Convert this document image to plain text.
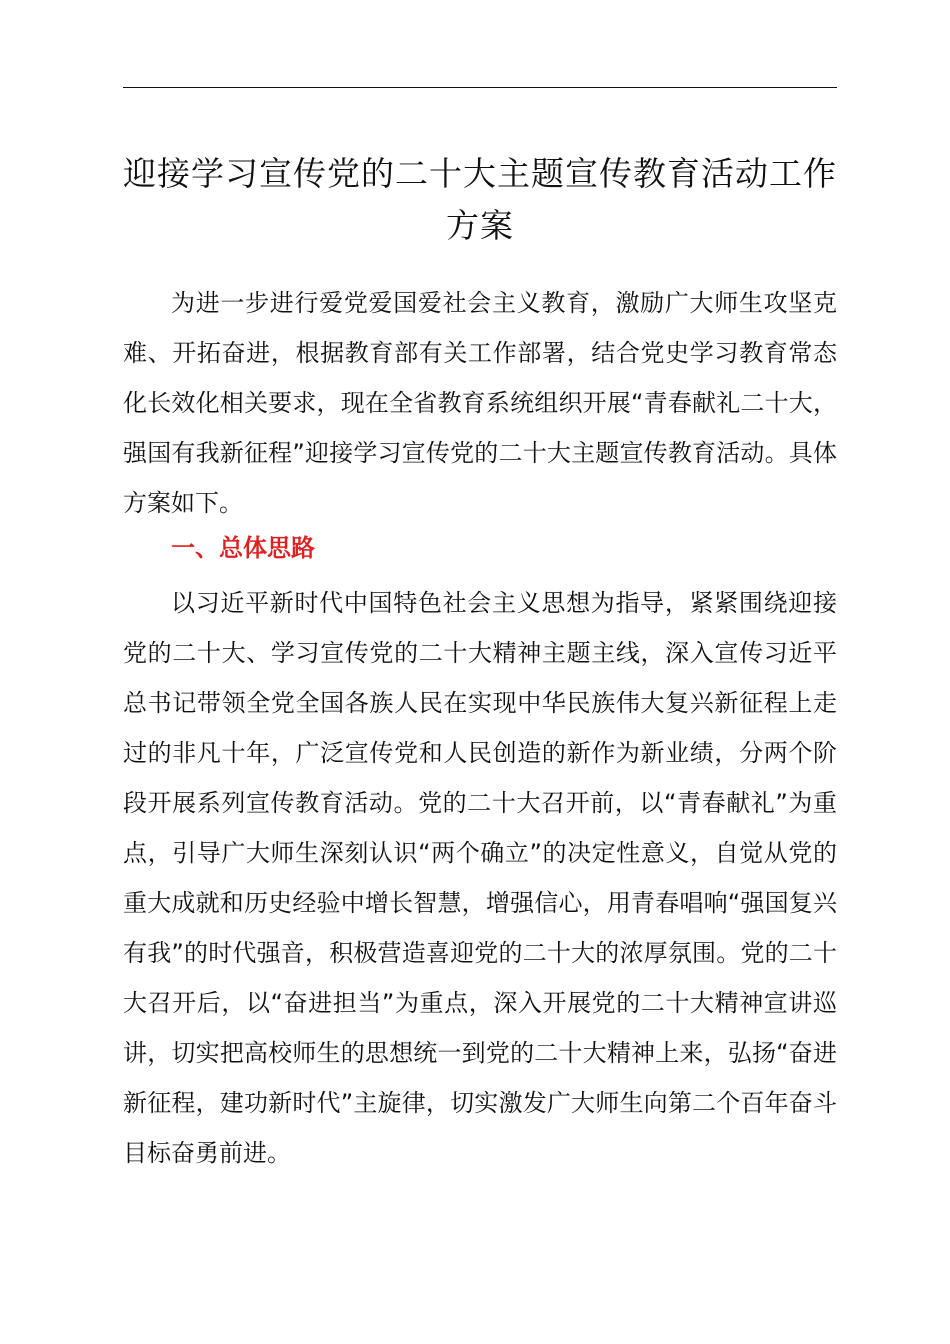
迎接学习宣传党的二十大主题宣传教育活动工作方案

为进一步进行爱党爱国爱社会主义教育，激励广大师生攻坚克难、开拓奋进，根据教育部有关工作部署，结合党史学习教育常态化长效化相关要求，现在全省教育系统组织开展“青春献礼二十大，强国有我新征程”迎接学习宣传党的二十大主题宣传教育活动。具体方案如下。

一、总体思路

以习近平新时代中国特色社会主义思想为指导，紧紧围绕迎接党的二十大、学习宣传党的二十大精神主题主线，深入宣传习近平总书记带领全党全国各族人民在实现中华民族伟大复兴新征程上走过的非凡十年，广泛宣传党和人民创造的新作为新业绩，分两个阶段开展系列宣传教育活动。党的二十大召开前，以“青春献礼”为重点，引导广大师生深刻认识“两个确立”的决定性意义，自觉从党的重大成就和历史经验中增长智慧，增强信心，用青春唱响“强国复兴有我”的时代强音，积极营造喜迎党的二十大的浓厚氛围。党的二十大召开后，以“奋进担当”为重点，深入开展党的二十大精神宣讲巡讲，切实把高校师生的思想统一到党的二十大精神上来，弘扬“奋进新征程，建功新时代”主旋律，切实激发广大师生向第二个百年奋斗目标奋勇前进。
